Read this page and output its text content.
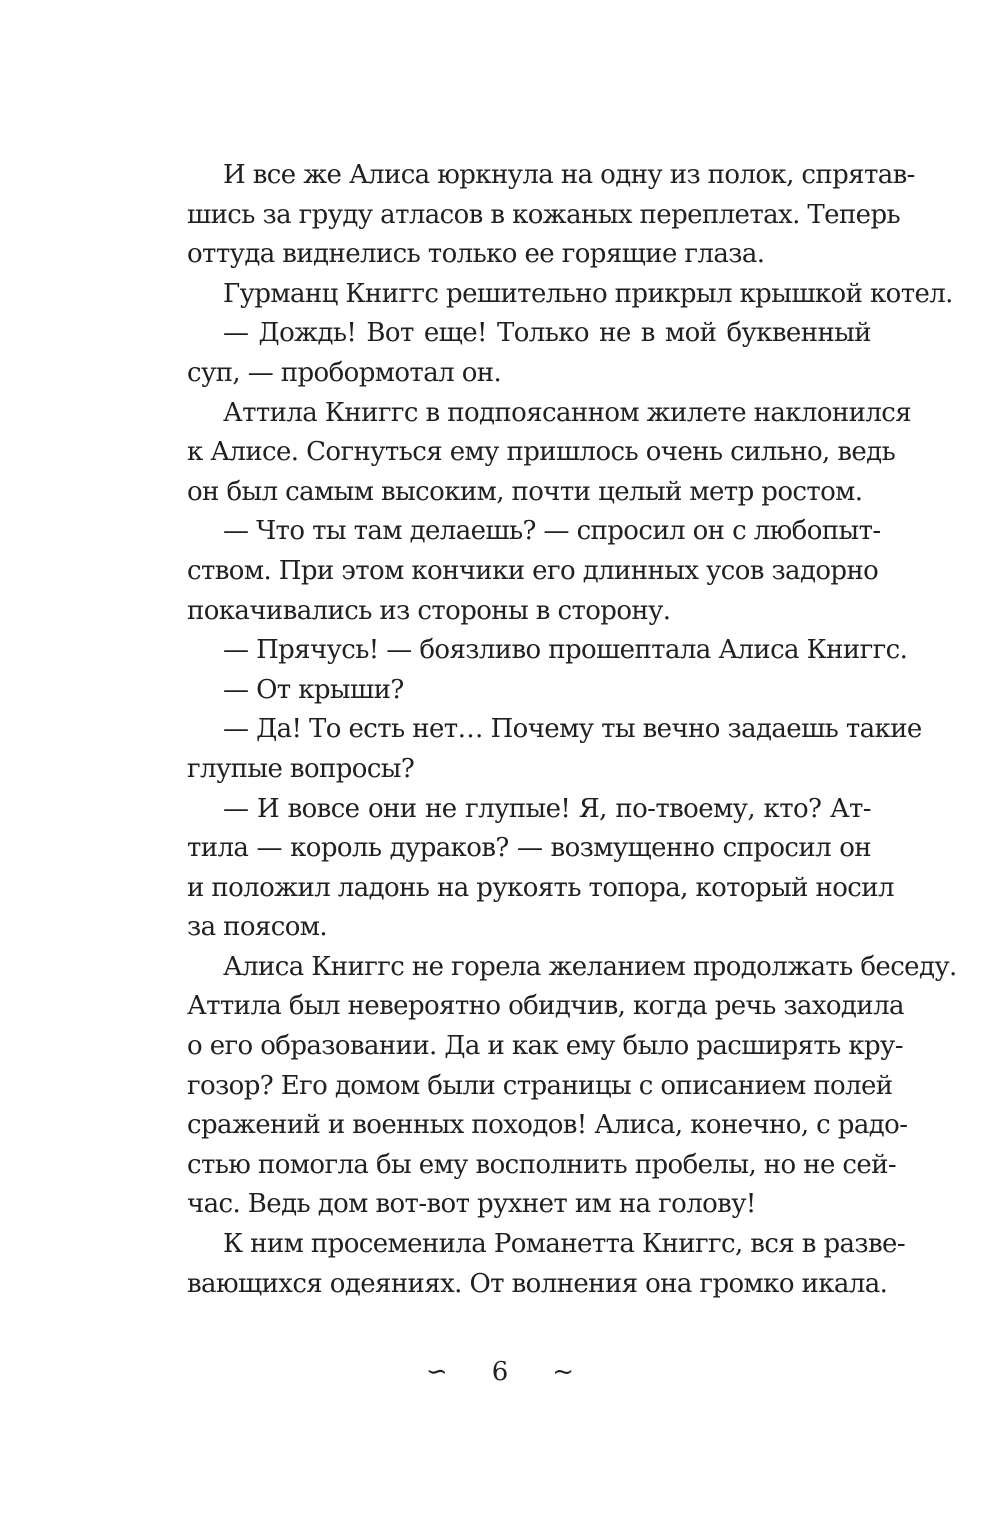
И все же Алиса юркнула на одну из полок, спрятав-
шись за груду атласов в кожаных переплетах. Теперь
оттуда виднелись только ее горящие глаза.
Гурманц Книггс решительно прикрыл крышкой котел.
— Дождь! Вот еще! Только не в мой буквенный
суп, — пробормотал он.
Аттила Книггс в подпоясанном жилете наклонился
к Алисе. Согнуться ему пришлось очень сильно, ведь
он был самым высоким, почти целый метр ростом.
— Что ты там делаешь? — спросил он с любопыт-
ством. При этом кончики его длинных усов задорно
покачивались из стороны в сторону.
— Прячусь! — боязливо прошептала Алиса Книггс.
— От крыши?
— Да! То есть нет… Почему ты вечно задаешь такие
глупые вопросы?
— И вовсе они не глупые! Я, по-твоему, кто? Ат-
тила — король дураков? — возмущенно спросил он
и положил ладонь на рукоять топора, который носил
за поясом.
Алиса Книггс не горела желанием продолжать беседу.
Аттила был невероятно обидчив, когда речь заходила
о его образовании. Да и как ему было расширять кру-
гозор? Его домом были страницы с описанием полей
сражений и военных походов! Алиса, конечно, с радо-
стью помогла бы ему восполнить пробелы, но не сей-
час. Ведь дом вот-вот рухнет им на голову!
К ним просеменила Романетта Книггс, вся в разве-
вающихся одеяниях. От волнения она громко икала.
∽ 6 ~
